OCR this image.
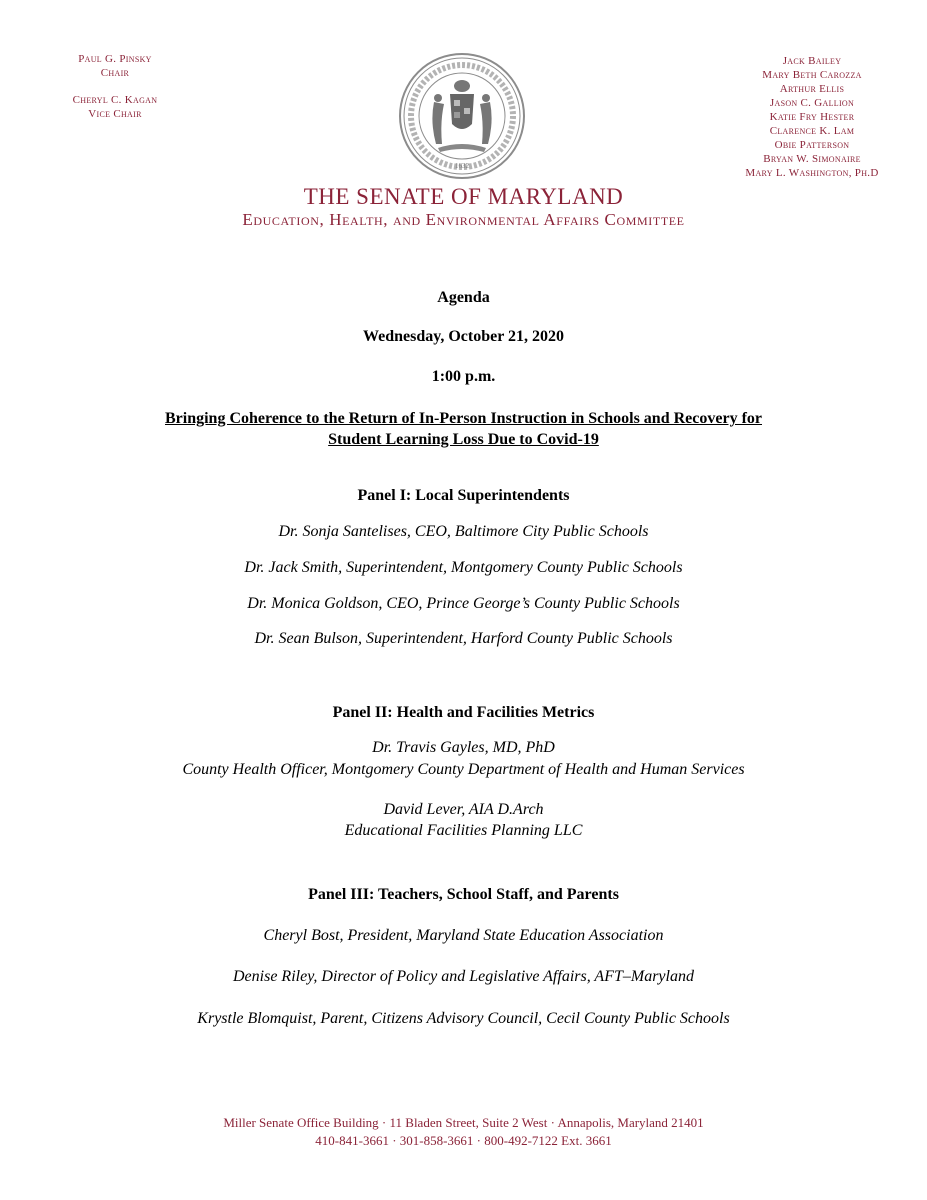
Paul G. Pinsky
Chair
Cheryl C. Kagan
Vice Chair
1632
Jack Bailey
Mary Beth Carozza
Arthur Ellis
Jason C. Gallion
Katie Fry Hester
Clarence K. Lam
Obie Patterson
Bryan W. Simonaire
Mary L. Washington, Ph.D
THE SENATE OF MARYLAND
Education, Health, and Environmental Affairs Committee
Agenda
Wednesday, October 21, 2020
1:00 p.m.
Bringing Coherence to the Return of In-Person Instruction in Schools and Recovery for
Student Learning Loss Due to Covid-19
Panel I: Local Superintendents
Dr. Sonja Santelises, CEO, Baltimore City Public Schools
Dr. Jack Smith, Superintendent, Montgomery County Public Schools
Dr. Monica Goldson, CEO, Prince George’s County Public Schools
Dr. Sean Bulson, Superintendent, Harford County Public Schools
Panel II: Health and Facilities Metrics
Dr. Travis Gayles, MD, PhD
County Health Officer, Montgomery County Department of Health and Human Services
David Lever, AIA D.Arch
Educational Facilities Planning LLC
Panel III: Teachers, School Staff, and Parents
Cheryl Bost, President, Maryland State Education Association
Denise Riley, Director of Policy and Legislative Affairs, AFT–Maryland
Krystle Blomquist, Parent, Citizens Advisory Council, Cecil County Public Schools
Miller Senate Office Building · 11 Bladen Street, Suite 2 West · Annapolis, Maryland 21401
410-841-3661 · 301-858-3661 · 800-492-7122 Ext. 3661
